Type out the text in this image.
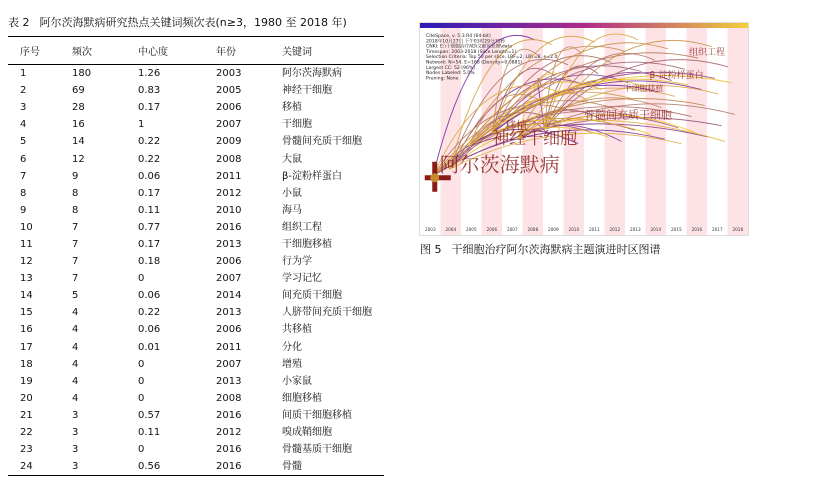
表 2 阿尔茨海默病研究热点关键词频次表(n≥3，1980 至 2018 年)
序号	频次	中心度	年份	关键词
1	180	1.26	2003	阿尔茨海默病
2	69	0.83	2005	神经干细胞
3	28	0.17	2006	移植
4	16	1	2007	干细胞
5	14	0.22	2009	骨髓间充质干细胞
6	12	0.22	2008	大鼠
7	9	0.06	2011	β-淀粉样蛋白
8	8	0.17	2012	小鼠
9	8	0.11	2010	海马
10	7	0.77	2016	组织工程
11	7	0.17	2013	干细胞移植
12	7	0.18	2006	行为学
13	7	0	2007	学习记忆
14	5	0.06	2014	间充质干细胞
15	4	0.22	2013	人脐带间充质干细胞
16	4	0.06	2006	共移植
17	4	0.01	2011	分化
18	4	0	2007	增殖
19	4	0	2013	小家鼠
20	4	0	2008	细胞移植
21	3	0.57	2016	间质干细胞移植
22	3	0.11	2012	嗅成鞘细胞
23	3	0	2016	骨髓基质干细胞
24	3	0.56	2016	骨髓
CiteSpace, v. 5.3.R4 (64-bit)
2018年10月27日 下午03时29分31秒
CNKI: E:\干细胞治疗AD\文献预处理\data
Timespan: 2003-2018 (Slice Length=1)
Selection Criteria: Top 50 per slice, LRF=2, LBY=8, e=2.0
Network: N=54, E=168 (Density=0.0881)
Largest CC: 52 (96%)
Nodes Labeled: 5.0%
Pruning: None
阿尔茨海默病
神经干细胞
骨髓间充质干细胞
移植
β-淀粉样蛋白
组织工程
干细胞移植
2003 2004 2005 2006 2007 2008 2009 2010 2011 2012 2013 2014 2015 2016 2017 2018
图 5 干细胞治疗阿尔茨海默病主题演进时区图谱
